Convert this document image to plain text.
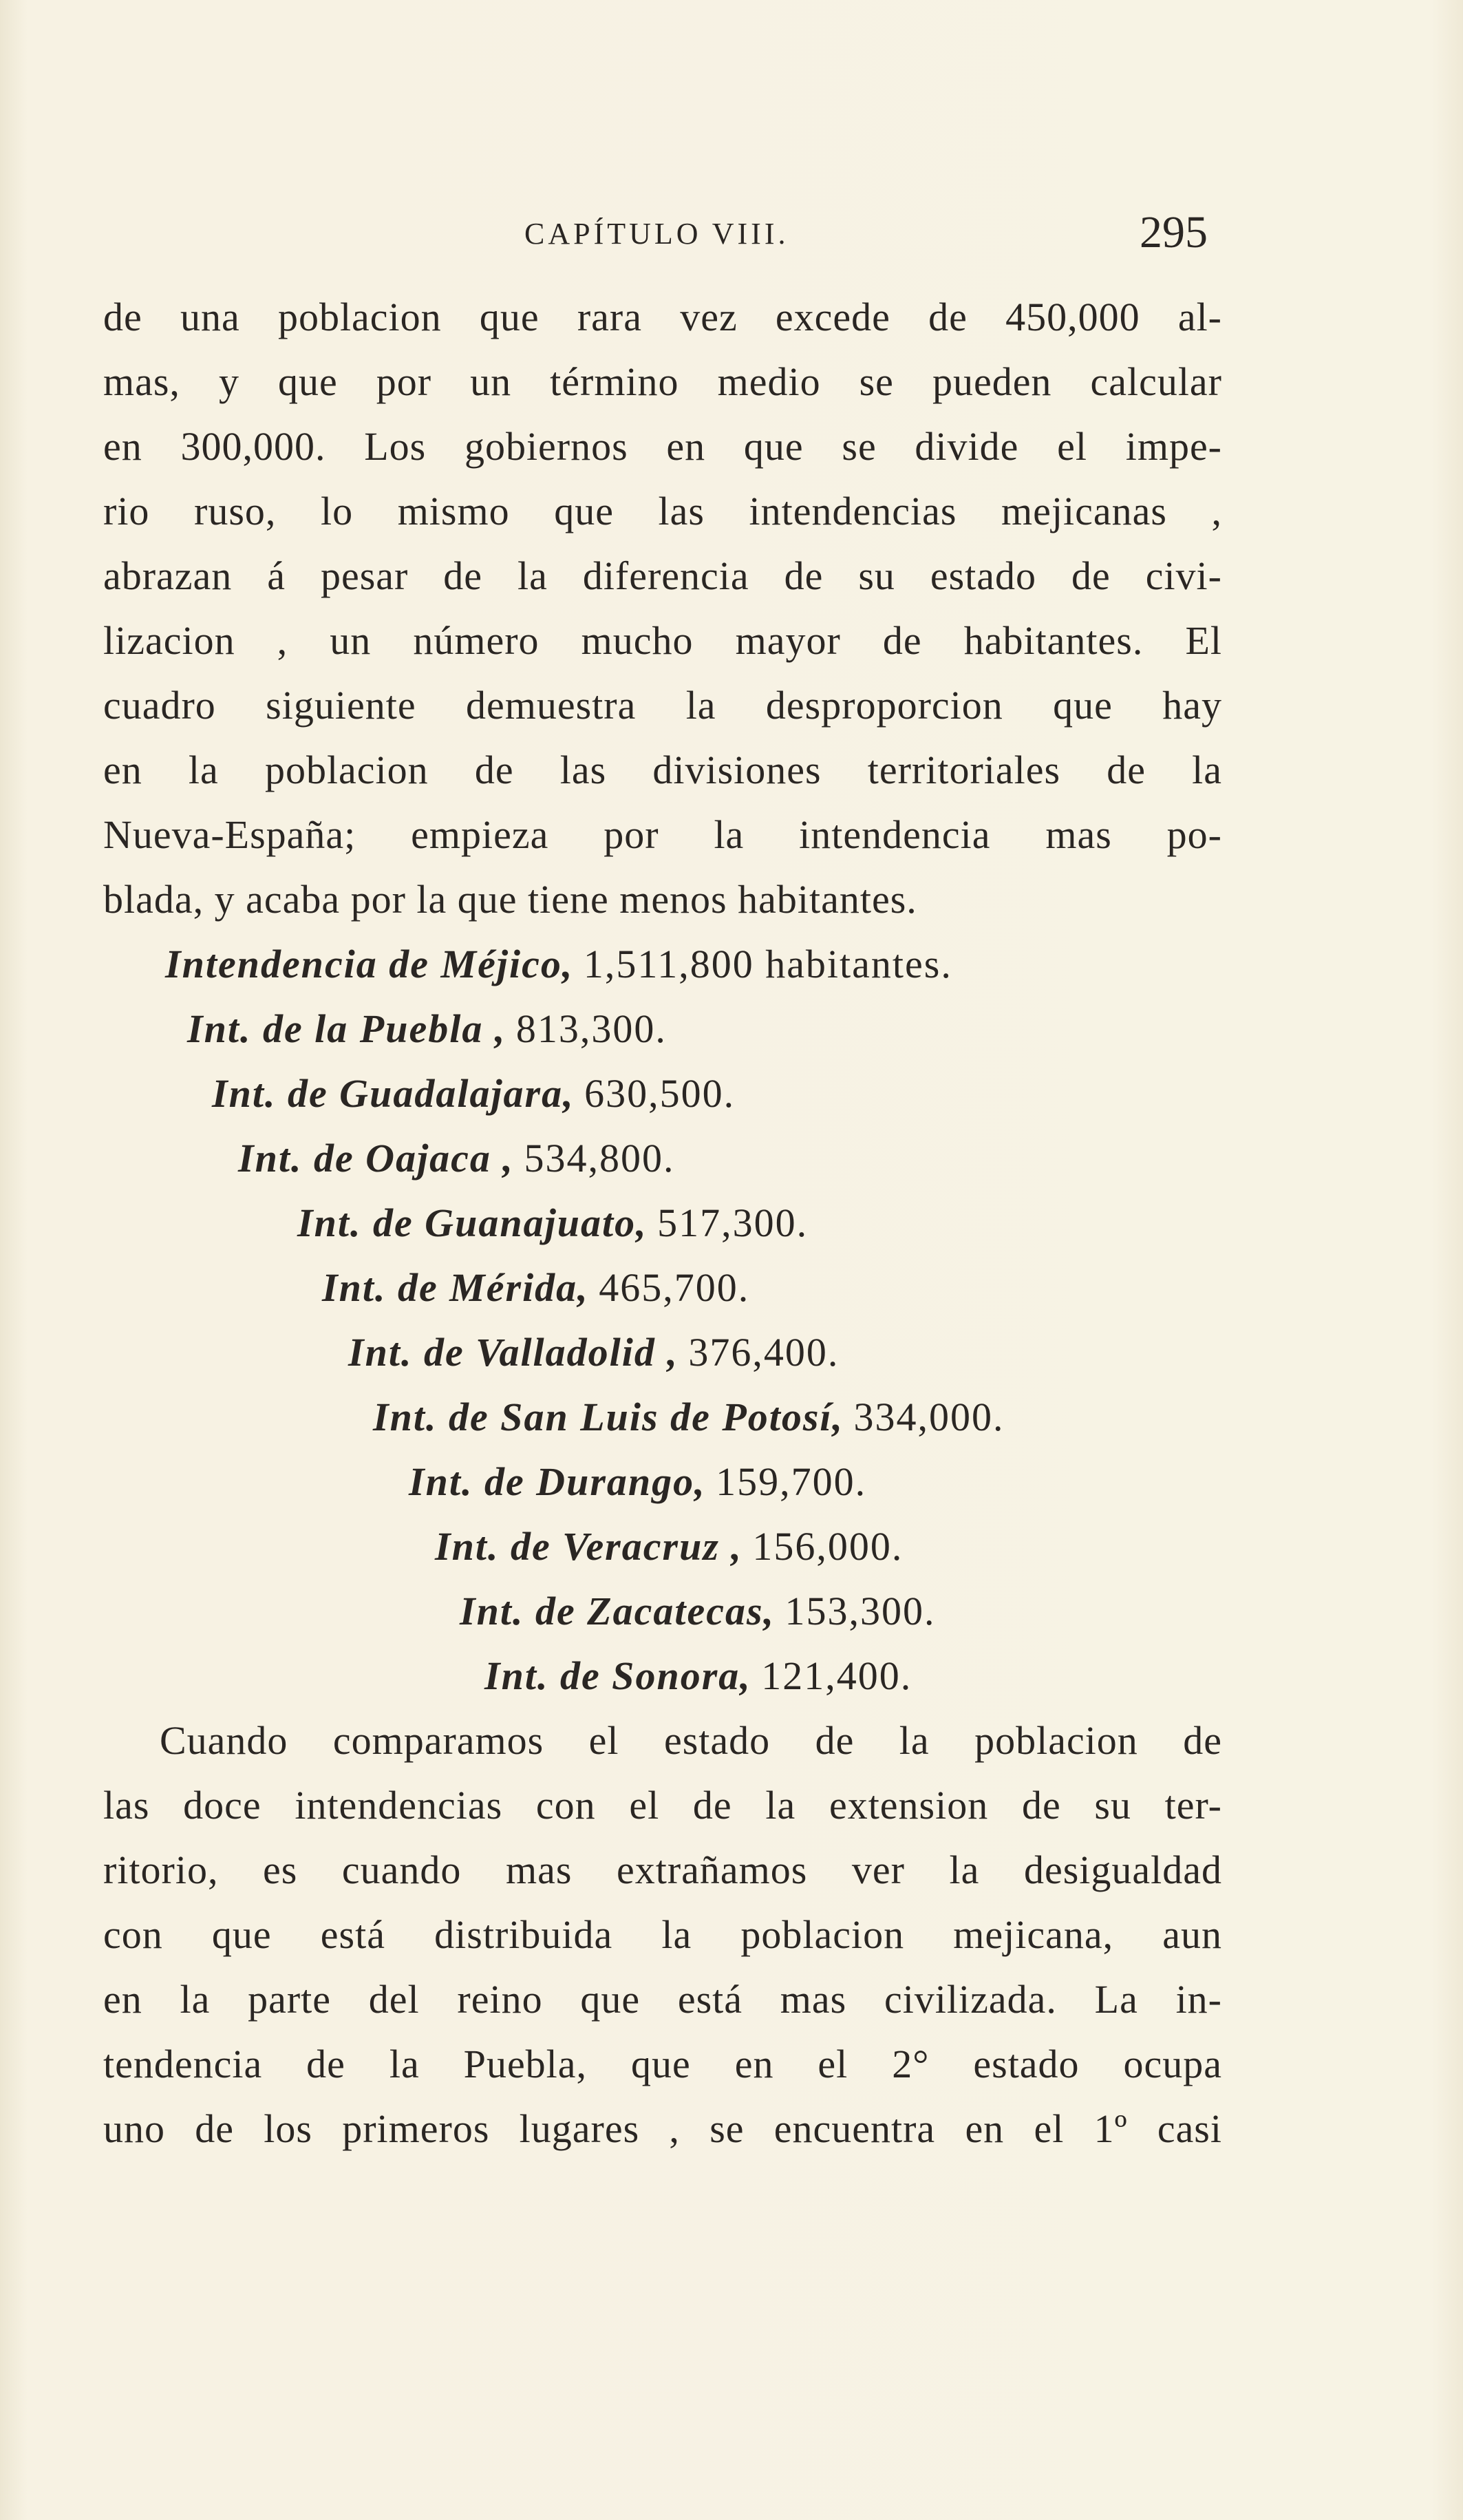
CAPÍTULO VIII.	295
de una poblacion que rara vez excede de 450,000 al-
mas, y que por un término medio se pueden calcular
en 300,000. Los gobiernos en que se divide el impe-
rio ruso, lo mismo que las intendencias mejicanas ,
abrazan á pesar de la diferencia de su estado de civi-
lizacion , un número mucho mayor de habitantes. El
cuadro siguiente demuestra la desproporcion que hay
en la poblacion de las divisiones territoriales de la
Nueva-España; empieza por la intendencia mas po-
blada, y acaba por la que tiene menos habitantes.
Intendencia de Méjico, 1,511,800 habitantes.
Int. de la Puebla , 813,300.
Int. de Guadalajara, 630,500.
Int. de Oajaca , 534,800.
Int. de Guanajuato, 517,300.
Int. de Mérida, 465,700.
Int. de Valladolid , 376,400.
Int. de San Luis de Potosí, 334,000.
Int. de Durango, 159,700.
Int. de Veracruz , 156,000.
Int. de Zacatecas, 153,300.
Int. de Sonora, 121,400.
Cuando comparamos el estado de la poblacion de
las doce intendencias con el de la extension de su ter-
ritorio, es cuando mas extrañamos ver la desigualdad
con que está distribuida la poblacion mejicana, aun
en la parte del reino que está mas civilizada. La in-
tendencia de la Puebla, que en el 2° estado ocupa
uno de los primeros lugares , se encuentra en el 1º casi
